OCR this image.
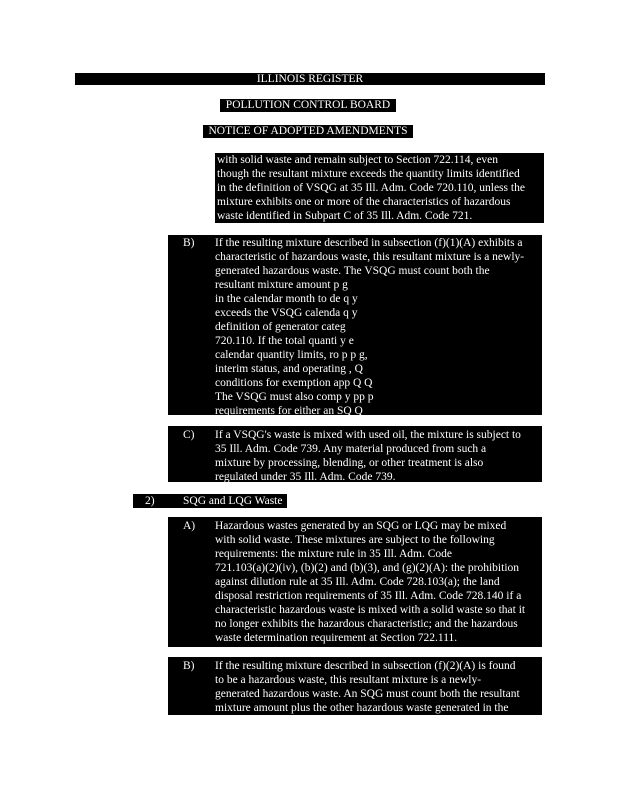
ILLINOIS REGISTER
POLLUTION CONTROL BOARD
NOTICE OF ADOPTED AMENDMENTS
with solid waste and remain subject to Section 722.114, even
though the resultant mixture exceeds the quantity limits identified
in the definition of VSQG at 35 Ill. Adm. Code 720.110, unless the
mixture exhibits one or more of the characteristics of hazardous
waste identified in Subpart C of 35 Ill. Adm. Code 721.
B) If the resulting mixture described in subsection (f)(1)(A) exhibits a
characteristic of hazardous waste, this resultant mixture is a newly-
generated hazardous waste. The VSQG must count both the
resultant mixture amount p g
in the calendar month to de q y
exceeds the VSQG calenda q y
definition of generator categ
720.110. If the total quanti y e
calendar quantity limits, ro p p g,
interim status, and operating , Q
conditions for exemption app Q Q
The VSQG must also comp y pp p
requirements for either an SQ Q
C) If a VSQG's waste is mixed with used oil, the mixture is subject to
35 Ill. Adm. Code 739. Any material produced from such a
mixture by processing, blending, or other treatment is also
regulated under 35 Ill. Adm. Code 739.
2) SQG and LQG Waste
A) Hazardous wastes generated by an SQG or LQG may be mixed
with solid waste. These mixtures are subject to the following
requirements: the mixture rule in 35 Ill. Adm. Code
721.103(a)(2)(iv), (b)(2) and (b)(3), and (g)(2)(A): the prohibition
against dilution rule at 35 Ill. Adm. Code 728.103(a); the land
disposal restriction requirements of 35 Ill. Adm. Code 728.140 if a
characteristic hazardous waste is mixed with a solid waste so that it
no longer exhibits the hazardous characteristic; and the hazardous
waste determination requirement at Section 722.111.
B) If the resulting mixture described in subsection (f)(2)(A) is found
to be a hazardous waste, this resultant mixture is a newly-
generated hazardous waste. An SQG must count both the resultant
mixture amount plus the other hazardous waste generated in the
